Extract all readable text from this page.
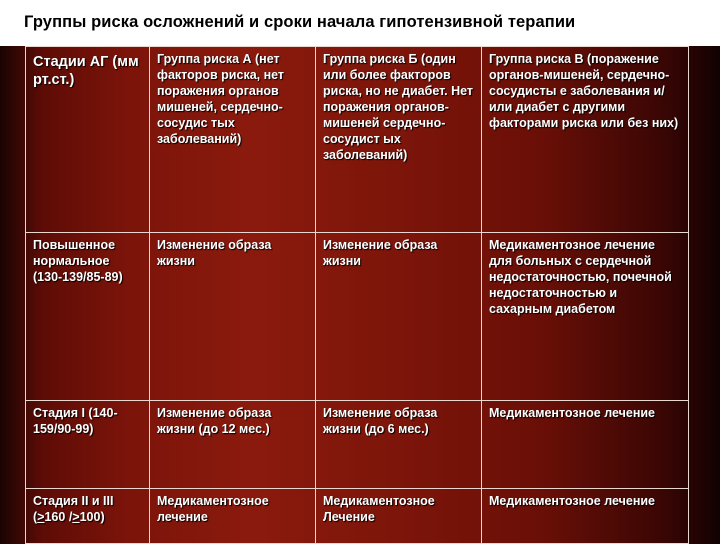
Группы риска осложнений и сроки начала гипотензивной терапии
Стадии АГ (мм рт.ст.)	Группа риска А (нет факторов риска, нет поражения органов мишеней, сердечно-сосудис тых заболеваний)	Группа риска Б (один или более факторов риска, но не диабет. Нет поражения органов-мишеней сердечно-сосудист ых заболеваний)	Группа риска В (поражение органов-мишеней, сердечно-сосудисты е заболевания и/или диабет с другими факторами риска или без них)
Повышенное нормальное (130-139/85-89)	Изменение образа жизни	Изменение образа жизни	Медикаментозное лечение для больных с сердечной недостаточностью, почечной недостаточностью и сахарным диабетом
Стадия I (140-159/90-99)	Изменение образа жизни (до 12 мес.)	Изменение образа жизни (до 6 мес.)	Медикаментозное лечение
Стадия II и III (≥160 /≥100)	Медикаментозное лечение	Медикаментозное Лечение	Медикаментозное лечение
